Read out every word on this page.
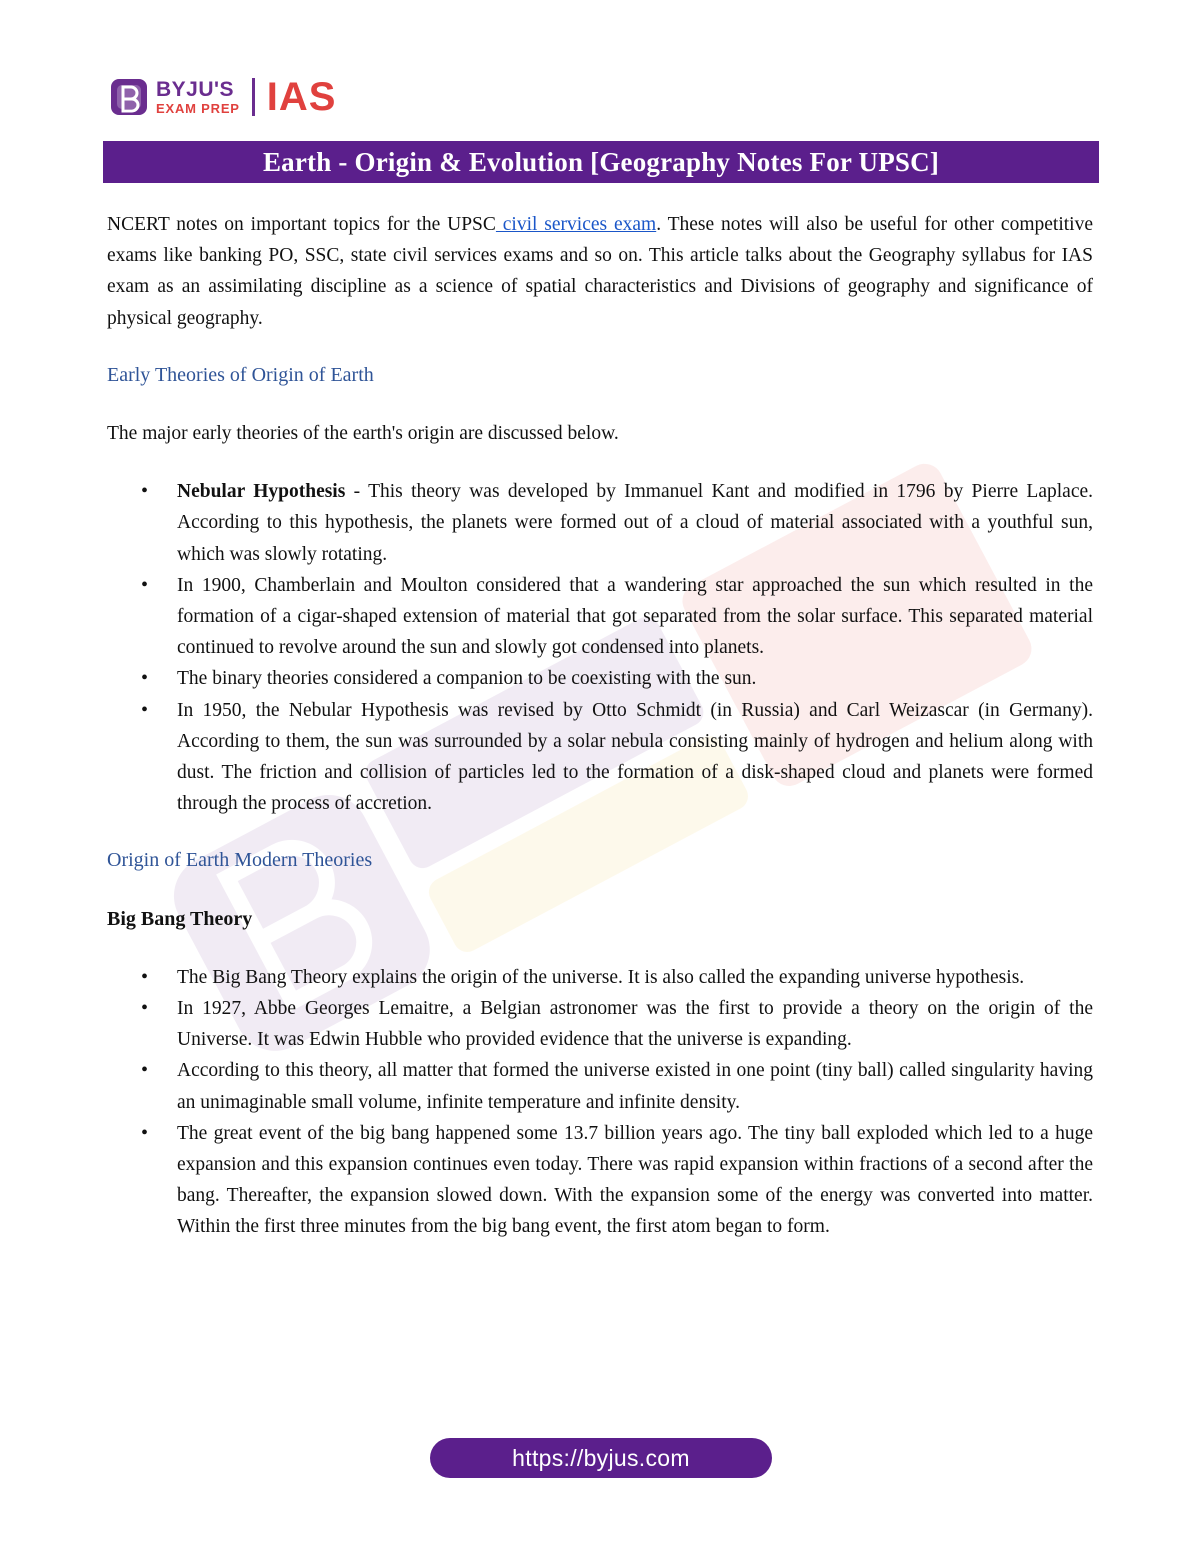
BYJU'S
EXAM PREP IAS
Earth - Origin & Evolution [Geography Notes For UPSC]

NCERT notes on important topics for the UPSC civil services exam. These notes will also be useful for other competitive exams like banking PO, SSC, state civil services exams and so on. This article talks about the Geography syllabus for IAS exam as an assimilating discipline as a science of spatial characteristics and Divisions of geography and significance of physical geography.

Early Theories of Origin of Earth

The major early theories of the earth's origin are discussed below.

• Nebular Hypothesis - This theory was developed by Immanuel Kant and modified in 1796 by Pierre Laplace. According to this hypothesis, the planets were formed out of a cloud of material associated with a youthful sun, which was slowly rotating.
• In 1900, Chamberlain and Moulton considered that a wandering star approached the sun which resulted in the formation of a cigar-shaped extension of material that got separated from the solar surface. This separated material continued to revolve around the sun and slowly got condensed into planets.
• The binary theories considered a companion to be coexisting with the sun.
• In 1950, the Nebular Hypothesis was revised by Otto Schmidt (in Russia) and Carl Weizascar (in Germany). According to them, the sun was surrounded by a solar nebula consisting mainly of hydrogen and helium along with dust. The friction and collision of particles led to the formation of a disk-shaped cloud and planets were formed through the process of accretion.
Origin of Earth Modern Theories
Big Bang Theory
• The Big Bang Theory explains the origin of the universe. It is also called the expanding universe hypothesis.
• In 1927, Abbe Georges Lemaitre, a Belgian astronomer was the first to provide a theory on the origin of the Universe. It was Edwin Hubble who provided evidence that the universe is expanding.
• According to this theory, all matter that formed the universe existed in one point (tiny ball) called singularity having an unimaginable small volume, infinite temperature and infinite density.
• The great event of the big bang happened some 13.7 billion years ago. The tiny ball exploded which led to a huge expansion and this expansion continues even today. There was rapid expansion within fractions of a second after the bang. Thereafter, the expansion slowed down. With the expansion some of the energy was converted into matter. Within the first three minutes from the big bang event, the first atom began to form.
https://byjus.com
